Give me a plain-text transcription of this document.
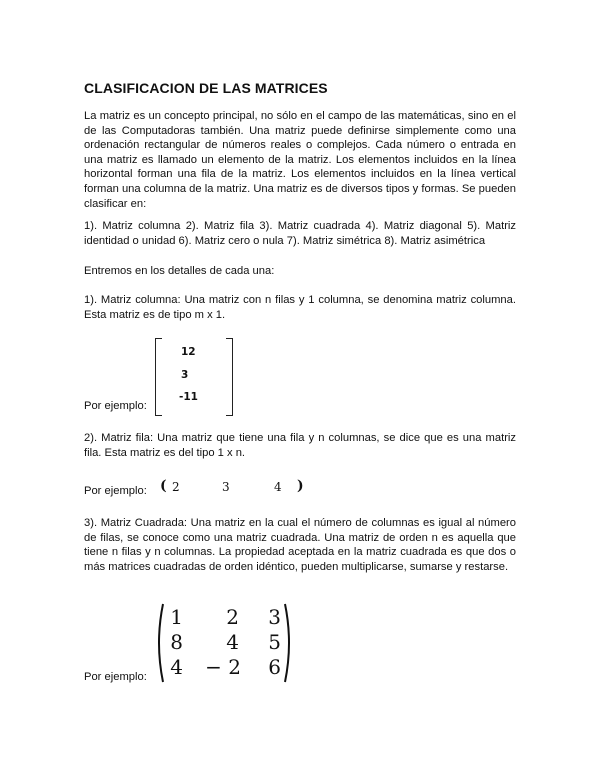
CLASIFICACION DE LAS MATRICES

La matriz es un concepto principal, no sólo en el campo de las matemáticas, sino en el de las Computadoras también. Una matriz puede definirse simplemente como una ordenación rectangular de números reales o complejos. Cada número o entrada en una matriz es llamado un elemento de la matriz. Los elementos incluidos en la línea horizontal forman una fila de la matriz. Los elementos incluidos en la línea vertical forman una columna de la matriz. Una matriz es de diversos tipos y formas. Se pueden clasificar en:

1). Matriz columna 2). Matriz fila 3). Matriz cuadrada 4). Matriz diagonal 5). Matriz identidad o unidad 6). Matriz cero o nula 7). Matriz simétrica 8). Matriz asimétrica

Entremos en los detalles de cada una:

1). Matriz columna: Una matriz con n filas y 1 columna, se denomina matriz columna. Esta matriz es de tipo m x 1.

Por ejemplo:
12
3
-11

2). Matriz fila: Una matriz que tiene una fila y n columnas, se dice que es una matriz fila. Esta matriz es del tipo 1 x n.

Por ejemplo: ( 2	3	4 )

3). Matriz Cuadrada: Una matriz en la cual el número de columnas es igual al número de filas, se conoce como una matriz cuadrada. Una matriz de orden n es aquella que tiene n filas y n columnas. La propiedad aceptada en la matriz cuadrada es que dos o más matrices cuadradas de orden idéntico, pueden multiplicarse, sumarse y restarse.

Por ejemplo:
1	2	3
8	4	5
4 − 2	6
